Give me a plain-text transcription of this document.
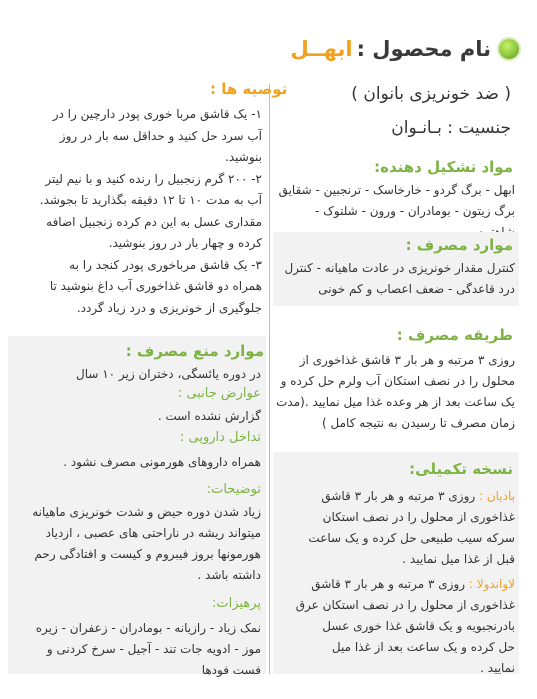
نام محصول :
ابهــل
( ضد خونریزی بانوان )
جنسیت : بـانـوان
مواد تشکیل دهنده:
ابهل - برگ گردو - خارخاسک - ترنجبین - شقایق
برگ زیتون - بومادران - ورون - شلتوک -
موارد مصرف :
کنترل مقدار خونریزی در عادت ماهیانه - کنترل
درد قاعدگی - ضعف اعصاب و کم خونی
طریقه مصرف :
روزی ۳ مرتبه و هر بار ۳ قاشق غذاخوری از
محلول را در نصف استکان آب ولرم حل کرده و
یک ساعت بعد از هر وعده غذا میل نمایید .(مدت
زمان مصرف تا رسیدن به نتیجه کامل )
نسخه تکمیلی:
بادیان : روزی ۳ مرتبه و هر بار ۳ قاشق
غذاخوری از محلول را در نصف استکان
سرکه سیب طبیعی حل کرده و یک ساعت
قبل از غذا میل نمایید .
لاواندولا : روزی ۳ مرتبه و هر بار ۳ قاشق
غذاخوری از محلول را در نصف استکان عرق
بادرنجبویه و یک قاشق غذا خوری عسل
حل کرده و یک ساعت بعد از غذا میل
نمایید .
توصیه ها :
۱- یک قاشق مربا خوری پودر دارچین را در
آب سرد حل کنید و حداقل سه بار در روز
بنوشید.
۲- ۲۰۰ گرم زنجبیل را رنده کنید و با نیم لیتر
آب به مدت ۱۰ تا ۱۲ دقیقه بگذارید تا بجوشد.
مقداری عسل به این دم کرده زنجبیل اضافه
کرده و چهار بار در روز بنوشید.
۳- یک قاشق مرباخوری پودر کنجد را به
همراه دو قاشق غذاخوری آب داغ بنوشید تا
جلوگیری از خونریزی و درد زیاد گردد.
موارد منع مصرف :
در دوره یائسگی، دختران زیر ۱۰ سال
عوارض جانبی :
گزارش نشده است .
تداخل دارویی :
همراه داروهای هورمونی مصرف نشود .
توضیحات:
زیاد شدن دوره حیض و شدت خونریزی ماهیانه
میتواند ریشه در ناراحتی های عصبی ، ازدیاد
هورمونها بروز فیبروم و کیست و افتادگی رحم
داشته باشد .
پرهیزات:
نمک زیاد - رازیانه - بومادران - زعفران - زیره
موز - ادویه جات تند - آجیل - سرخ کردنی و
فست فودها
